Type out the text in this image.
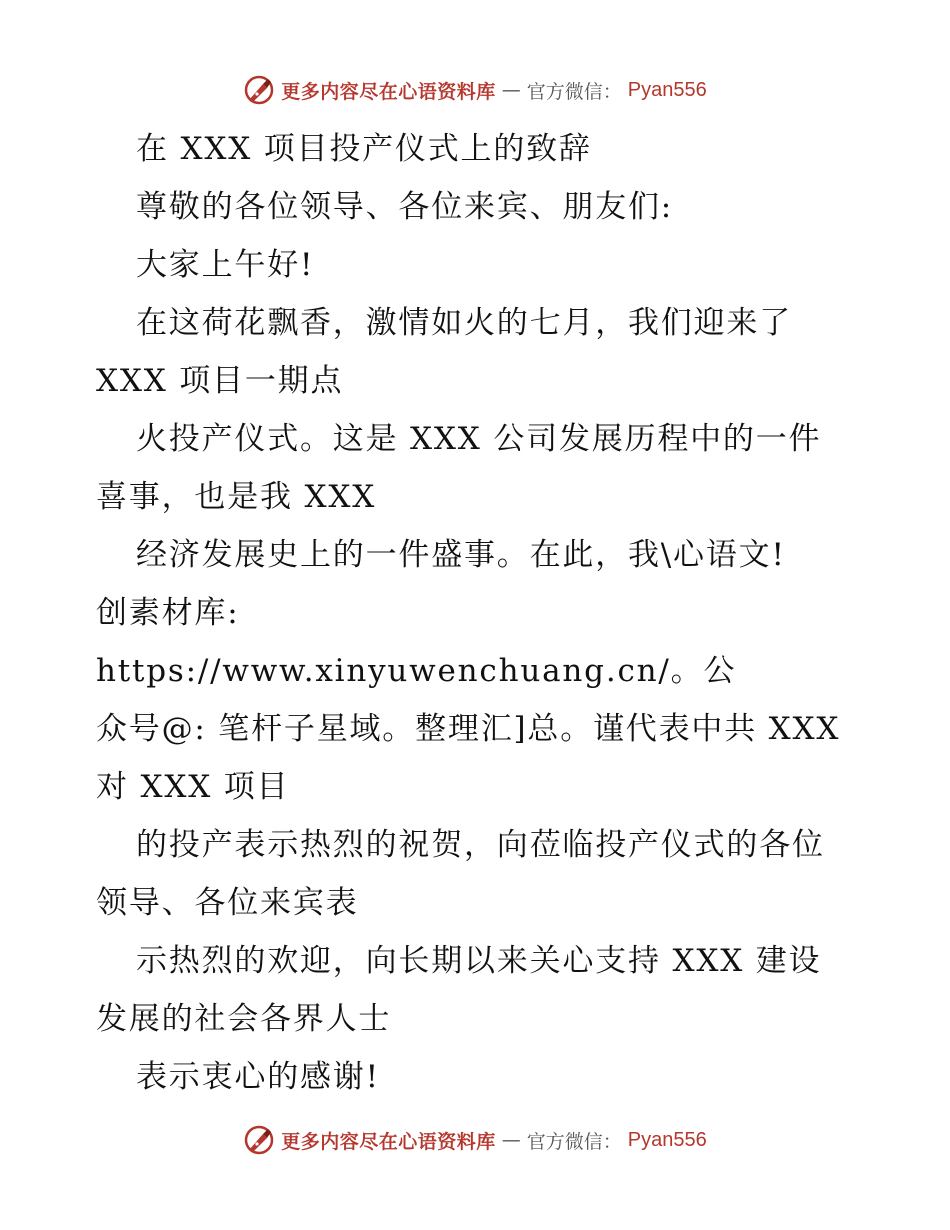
更多内容尽在心语资料库 — 官方微信： Pyan556

在 XXX 项目投产仪式上的致辞

尊敬的各位领导、各位来宾、朋友们:

大家上午好!

在这荷花飘香，激情如火的七月，我们迎来了

XXX 项目一期点

火投产仪式。这是 XXX 公司发展历程中的一件

喜事，也是我 XXX

经济发展史上的一件盛事。在此，我\心语文!

创素材库: https://www.xinyuwenchuang.cn/。公

众号@: 笔杆子星域。整理汇]总。谨代表中共 XXX

对 XXX 项目

的投产表示热烈的祝贺，向莅临投产仪式的各位

领导、各位来宾表

示热烈的欢迎，向长期以来关心支持 XXX 建设

发展的社会各界人士

表示衷心的感谢!

更多内容尽在心语资料库 — 官方微信： Pyan556
